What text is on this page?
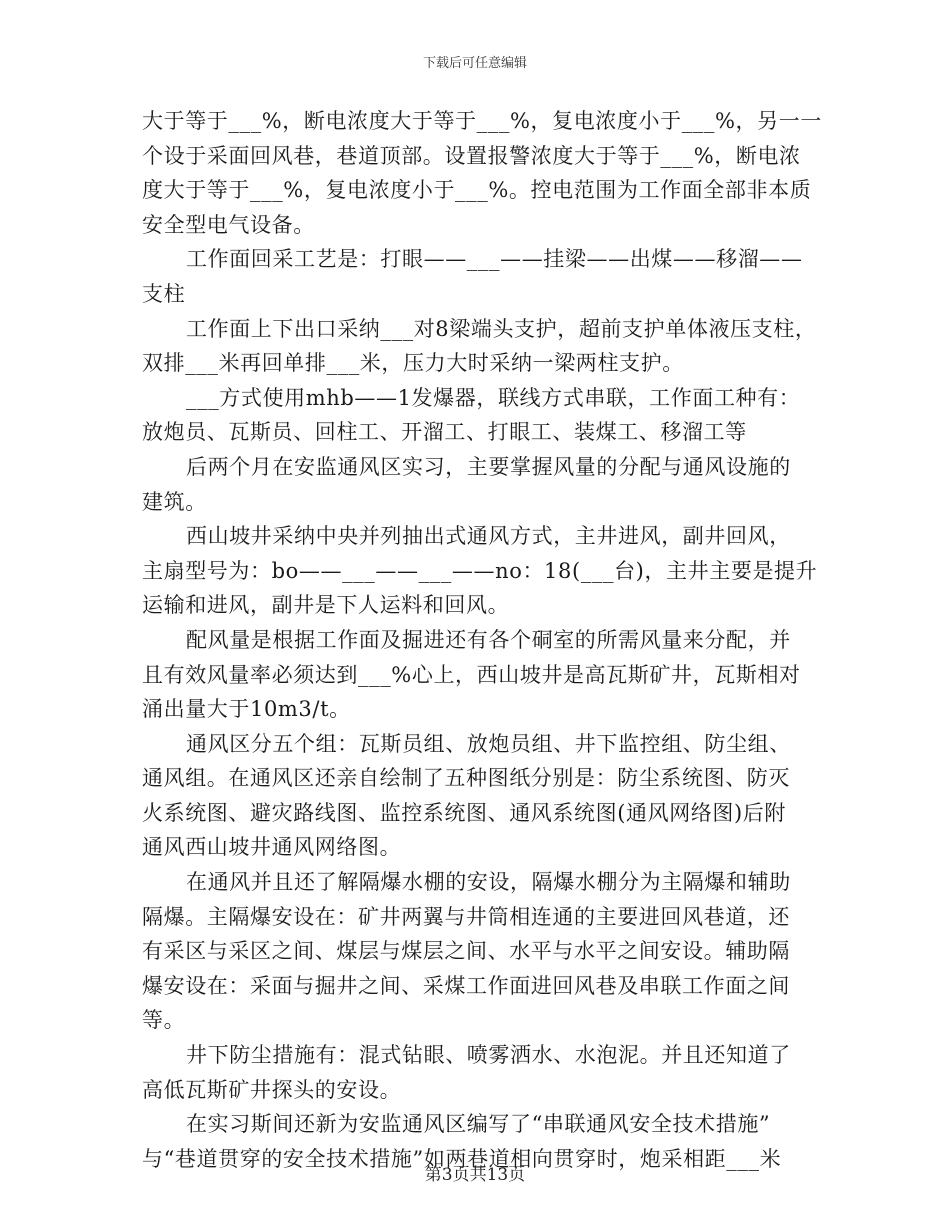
下载后可任意编辑
大于等于___%，断电浓度大于等于___%，复电浓度小于___%，另一一
个设于采面回风巷，巷道顶部。设置报警浓度大于等于___%，断电浓
度大于等于___%，复电浓度小于___%。控电范围为工作面全部非本质
安全型电气设备。
工作面回采工艺是：打眼——___——挂梁——出煤——移溜——
支柱
工作面上下出口采纳___对8梁端头支护，超前支护单体液压支柱，
双排___米再回单排___米，压力大时采纳一梁两柱支护。
___方式使用mhb——1发爆器，联线方式串联，工作面工种有：
放炮员、瓦斯员、回柱工、开溜工、打眼工、装煤工、移溜工等
后两个月在安监通风区实习，主要掌握风量的分配与通风设施的
建筑。
西山坡井采纳中央并列抽出式通风方式，主井进风，副井回风，
主扇型号为：bo——___——___——no：18(___台)，主井主要是提升
运输和进风，副井是下人运料和回风。
配风量是根据工作面及掘进还有各个硐室的所需风量来分配，并
且有效风量率必须达到___%心上，西山坡井是高瓦斯矿井，瓦斯相对
涌出量大于10m3/t。
通风区分五个组：瓦斯员组、放炮员组、井下监控组、防尘组、
通风组。在通风区还亲自绘制了五种图纸分别是：防尘系统图、防灭
火系统图、避灾路线图、监控系统图、通风系统图(通风网络图)后附
通风西山坡井通风网络图。
在通风并且还了解隔爆水棚的安设，隔爆水棚分为主隔爆和辅助
隔爆。主隔爆安设在：矿井两翼与井筒相连通的主要进回风巷道，还
有采区与采区之间、煤层与煤层之间、水平与水平之间安设。辅助隔
爆安设在：采面与掘井之间、采煤工作面进回风巷及串联工作面之间
等。
井下防尘措施有：混式钻眼、喷雾洒水、水泡泥。并且还知道了
高低瓦斯矿井探头的安设。
在实习斯间还新为安监通风区编写了“串联通风安全技术措施”
与“巷道贯穿的安全技术措施”如两巷道相向贯穿时，炮采相距___米
第3页共13页
